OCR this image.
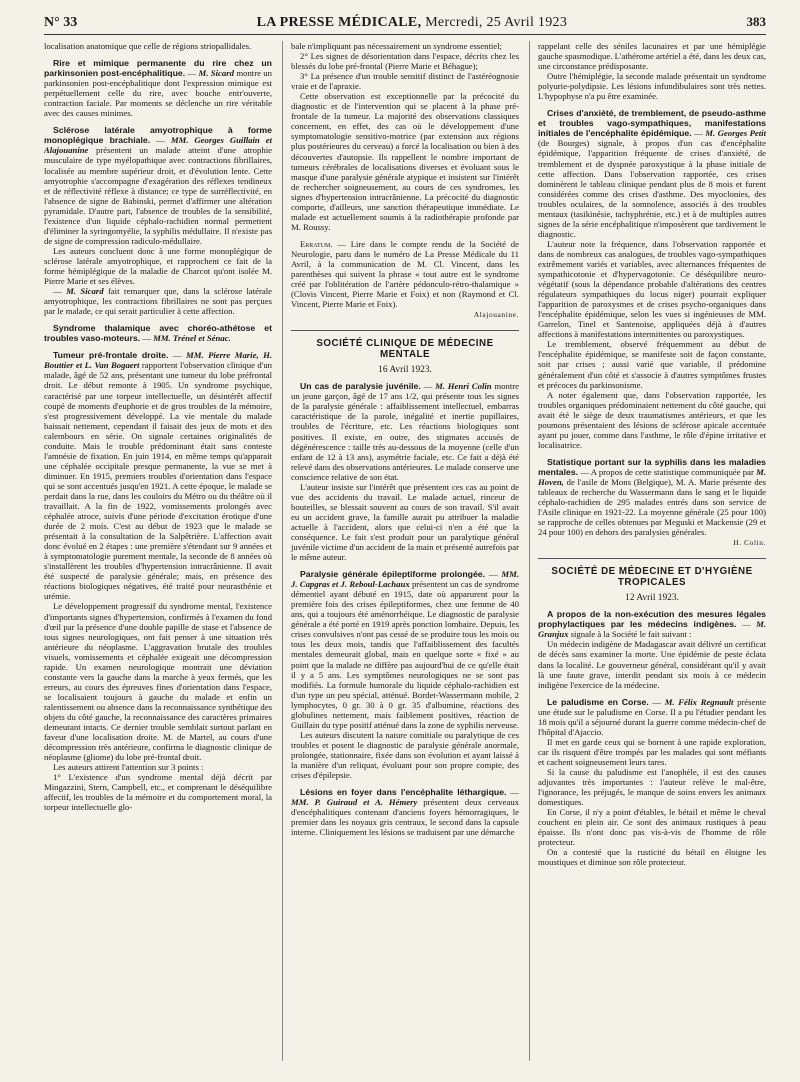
N° 33	LA PRESSE MÉDICALE, Mercredi, 25 Avril 1923	383

localisation anatomique que celle de régions striopallidales.

Rire et mimique permanente du rire chez un parkinsonien post-encéphalitique. — M. Sicard montre un parkinsonien post-encéphalitique dont l'expression mimique est perpétuellement celle du rire, avec bouche entr'ouverte, contraction faciale. Par moments se déclenche un rire véritable avec des causes minimes.

Sclérose latérale amyotrophique à forme monoplégique brachiale. — MM. Georges Guillain et Alajouanine présentent un malade atteint d'une atrophie musculaire de type myélopathique avec contractions fibrillaires, localisée au membre supérieur droit, et d'évolution lente. Cette amyotrophie s'accompagne d'exagération des réflexes tendineux et de réflectivité réflexe à distance; ce type de surréflectivité, en l'absence de signe de Babinski, permet d'affirmer une altération pyramidale. D'autre part, l'absence de troubles de la sensibilité, l'existence d'un liquide céphalo-rachidien normal permettent d'éliminer la syringomyélie, la syphilis médullaire. Il n'existe pas de signe de compression radiculo-médullaire.

Les auteurs concluent donc à une forme monoplégique de sclérose latérale amyotrophique, et rapprochent ce fait de la forme hémiplégique de la maladie de Charcot qu'ont isolée M. Pierre Marie et ses élèves.

— M. Sicard fait remarquer que, dans la sclérose latérale amyotrophique, les contractions fibrillaires ne sont pas perçues par le malade, ce qui serait particulier à cette affection.

Syndrome thalamique avec choréo-athétose et troubles vaso-moteurs. — MM. Trénel et Sénac.

Tumeur pré-frontale droite. — MM. Pierre Marie, H. Bouttier et L. Van Bogaert rapportent l'observation clinique d'un malade, âgé de 52 ans, présentant une tumeur du lobe préfrontal droit. Le début remonte à 1905. Un syndrome psychique, caractérisé par une torpeur intellectuelle, un désintérêt affectif coupé de moments d'euphorie et de gros troubles de la mémoire, s'est progressivement développé. La vie mentale du malade baissait nettement, cependant il faisait des jeux de mots et des calembours en série. On signale certaines originalités de conduite. Mais le trouble prédominant était sans conteste l'amnésie de fixation. En juin 1914, en même temps qu'apparait une céphalée occipitale presque permanente, la vue se met à diminuer. En 1915, premiers troubles d'orientation dans l'espace qui se sont accentués jusqu'en 1921. A cette époque, le malade se perdait dans la rue, dans les couloirs du Métro ou du théâtre où il travaillait. A la fin de 1922, vomissements prolongés avec céphalée atroce, suivis d'une période d'excitation érotique d'une durée de 2 mois. C'est au début de 1923 que le malade se présentait à la consultation de la Salpêtrière. L'affection avait donc évolué en 2 étapes : une première s'étendant sur 9 années et à symptomatologie purement mentale, la seconde de 8 années où s'installèrent les troubles d'hypertension intracrânienne. Il avait été suspecté de paralysie générale; mais, en présence des réactions biologiques négatives, été traité pour neurasthénie et urémie.

Le développement progressif du syndrome mental, l'existence d'importants signes d'hypertension, confirmés à l'examen du fond d'œil par la présence d'une double papille de stase et l'absence de tous signes neurologiques, ont fait penser à une situation très antérieure du néoplasme. L'aggravation brutale des troubles visuels, vomissements et céphalée exigeait une décompression rapide. Un examen neurologique montrait une déviation constante vers la gauche dans la marche à yeux fermés, que les erreurs, au cours des épreuves fines d'orientation dans l'espace, se localisaient toujours à gauche du malade et enfin un ralentissement ou absence dans la reconnaissance synthétique des objets du côté gauche, la reconnaissance des caractères primaires demeurant intacts. Ce dernier trouble semblait surtout parlant en faveur d'une localisation droite. M. de Martel, au cours d'une décompression très antérieure, confirma le diagnostic clinique de néoplasme (gliome) du lobe pré-frontal droit.

Les auteurs attirent l'attention sur 3 points :

1° L'existence d'un syndrome mental déjà décrit par Mingazzini, Stern, Campbell, etc., et comprenant le déséquilibre affectif, les troubles de la mémoire et du comportement moral, la torpeur intellectuelle glo-

bale n'impliquant pas nécessairement un syndrome essentiel;

2° Les signes de désorientation dans l'espace, décrits chez les blessés du lobe pré-frontal (Pierre Marie et Béhague);

3° La présence d'un trouble sensitif distinct de l'astéréognosie vraie et de l'apraxie.

Cette observation est exceptionnelle par la précocité du diagnostic et de l'intervention qui se placent à la phase pré-frontale de la tumeur. La majorité des observations classiques concernent, en effet, des cas où le développement d'une symptomatologie sensitivo-motrice (par extension aux régions plus postérieures du cerveau) a forcé la localisation ou bien à des découvertes d'autopsie. Ils rappellent le nombre important de tumeurs cérébrales de localisations diverses et évoluant sous le masque d'une paralysie générale atypique et insistent sur l'intérêt de rechercher soigneusement, au cours de ces syndromes, les signes d'hypertension intracrânienne. La précocité du diagnostic comporte, d'ailleurs, une sanction thérapeutique immédiate. Le malade est actuellement soumis à la radiothérapie profonde par M. Roussy.

Erratum. — Lire dans le compte rendu de la Société de Neurologie, paru dans le numéro de La Presse Médicale du 11 Avril, à la communication de M. Cl. Vincent, dans les parenthèses qui suivent la phrase « tout autre est le syndrome créé par l'oblitération de l'artère pédonculo-rétro-thalamique » (Clovis Vincent, Pierre Marie et Foix) et non (Raymond et Cl. Vincent, Pierre Marie et Foix).

Alajouanine.

SOCIÉTÉ CLINIQUE DE MÉDECINE MENTALE
16 Avril 1923.

Un cas de paralysie juvénile. — M. Henri Colin montre un jeune garçon, âgé de 17 ans 1/2, qui présente tous les signes de la paralysie générale : affaiblissement intellectuel, embarras caractéristique de la parole, inégalité et inertie pupillaires, troubles de l'écriture, etc. Les réactions biologiques sont positives. Il existe, en outre, des stigmates accusés de dégénérescence : taille très au-dessous de la moyenne (celle d'un enfant de 12 à 13 ans), asymétrie faciale, etc. Ce fait a déjà été relevé dans des observations antérieures. Le malade conserve une conscience relative de son état.

L'auteur insiste sur l'intérêt que présentent ces cas au point de vue des accidents du travail. Le malade actuel, rinceur de bouteilles, se blessait souvent au cours de son travail. S'il avait eu un accident grave, la famille aurait pu attribuer la maladie actuelle à l'accident, alors que celui-ci n'en a été que la conséquence. Le fait s'est produit pour un paralytique général juvénile victime d'un accident de la main et présenté autrefois par le même auteur.

Paralysie générale épileptiforme prolongée. — MM. J. Capgras et J. Reboul-Lachaux présentent un cas de syndrome démentiel ayant débuté en 1915, date où apparurent pour la première fois des crises épileptiformes, chez une femme de 40 ans, qui a toujours été aménorrhéique. Le diagnostic de paralysie générale a été porté en 1919 après ponction lombaire. Depuis, les crises convulsives n'ont pas cessé de se produire tous les mois ou tous les deux mois, tandis que l'affaiblissement des facultés mentales demeurait global, mais en quelque sorte « fixé » au point que la malade ne diffère pas aujourd'hui de ce qu'elle était il y a 5 ans. Les symptômes neurologiques ne se sont pas modifiés. La formule humorale du liquide céphalo-rachidien est d'un type un peu spécial, atténué. Bordet-Wassermann mobile, 2 lymphocytes, 0 gr. 30 à 0 gr. 35 d'albumine, réactions des globulines nettement, mais faiblement positives, réaction de Guillain du type positif atténué dans la zone de syphilis nerveuse.

Les auteurs discutent la nature comitiale ou paralytique de ces troubles et posent le diagnostic de paralysie générale anormale, prolongée, stationnaire, fixée dans son évolution et ayant laissé à la manière d'un reliquat, évoluant pour son propre compte, des crises d'épilepsie.

Lésions en foyer dans l'encéphalite léthargique. — MM. P. Guiraud et A. Hémery présentent deux cerveaux d'encéphalitiques contenant d'anciens foyers hémorragiques, le premier dans les noyaux gris centraux, le second dans la capsule interne. Cliniquement les lésions se traduisent par une démarche

rappelant celle des séniles lacunaires et par une hémiplégie gauche spasmodique. L'athérome artériel a été, dans les deux cas, une circonstance prédisposante.

Outre l'hémiplégie, la seconde malade présentait un syndrome polyurie-polydipsie. Les lésions infundibulaires sont très nettes. L'hypophyse n'a pu être examinée.

Crises d'anxiété, de tremblement, de pseudo-asthme et troubles vago-sympathiques, manifestations initiales de l'encéphalite épidémique. — M. Georges Petit (de Bourges) signale, à propos d'un cas d'encéphalite épidémique, l'apparition fréquente de crises d'anxiété, de tremblement et de dyspnée paroxystique à la phase initiale de cette affection. Dans l'observation rapportée, ces crises dominèrent le tableau clinique pendant plus de 8 mois et furent considérées comme des crises d'asthme. Des myoclonies, des troubles oculaires, de la somnolence, associés à des troubles mentaux (tasikinésie, tachyphrénie, etc.) et à de multiples autres signes de la série encéphalitique n'imposèrent que tardivement le diagnostic.

L'auteur note la fréquence, dans l'observation rapportée et dans de nombreux cas analogues, de troubles vago-sympathiques extrêmement variés et variables, avec alternances fréquentes de sympathicotonie et d'hypervagotonie. Ce déséquilibre neuro-végétatif (sous la dépendance probable d'altérations des centres régulateurs sympathiques du locus niger) pourrait expliquer l'apparition de paroxysmes et de crises psycho-organiques dans l'encéphalite épidémique, selon les vues si ingénieuses de MM. Garrelon, Tinel et Santenoise, appliquées déjà à d'autres affections à manifestations intermittentes ou paroxystiques.

Le tremblement, observé fréquemment au début de l'encéphalite épidémique, se manifeste soit de façon constante, soit par crises ; aussi varié que variable, il prédomine généralement d'un côté et s'associe à d'autres symptômes frustes et précoces du parkinsonisme.

A noter également que, dans l'observation rapportée, les troubles organiques prédominaient nettement du côté gauche, qui avait été le siège de deux traumatismes antérieurs, et que les poumons présentaient des lésions de sclérose apicale accentuée ayant pu jouer, comme dans l'asthme, le rôle d'épine irritative et localisatrice.

Statistique portant sur la syphilis dans les maladies mentales. — A propos de cette statistique communiquée par M. Hoven, de l'asile de Mons (Belgique), M. A. Marie présente des tableaux de recherche du Wassermann dans le sang et le liquide céphalo-rachidien de 295 malades entrés dans son service de l'Asile clinique en 1921-22. La moyenne générale (25 pour 100) se rapproche de celles obtenues par Meguski et Mackensie (29 et 24 pour 100) en dehors des paralysies générales.

H. Colin.

SOCIÉTÉ DE MÉDECINE ET D'HYGIÈNE TROPICALES
12 Avril 1923.

A propos de la non-exécution des mesures légales prophylactiques par les médecins indigènes. — M. Granjux signale à la Société le fait suivant :

Un médecin indigène de Madagascar avait délivré un certificat de décès sans examiner la morte. Une épidémie de peste éclata dans la localité. Le gouverneur général, considérant qu'il y avait là une faute grave, interdit pendant six mois à ce médecin indigène l'exercice de la médecine.

Le paludisme en Corse. — M. Félix Regnault présente une étude sur le paludisme en Corse. Il a pu l'étudier pendant les 18 mois qu'il a séjourné durant la guerre comme médecin-chef de l'hôpital d'Ajaccio.

Il met en garde ceux qui se bornent à une rapide exploration, car ils risquent d'être trompés par les malades qui sont méfiants et cachent soigneusement leurs tares.

Si la cause du paludisme est l'anophèle, il est des causes adjuvantes très importantes : l'auteur relève le mal-être, l'ignorance, les préjugés, le manque de soins envers les animaux domestiques.

En Corse, il n'y a point d'étables, le bétail et même le cheval couchent en plein air. Ce sont des animaux rustiques à peau épaisse. Ils n'ont donc pas vis-à-vis de l'homme de rôle protecteur.

On a contesté que la rusticité du bétail en éloigne les moustiques et diminue son rôle protecteur.
